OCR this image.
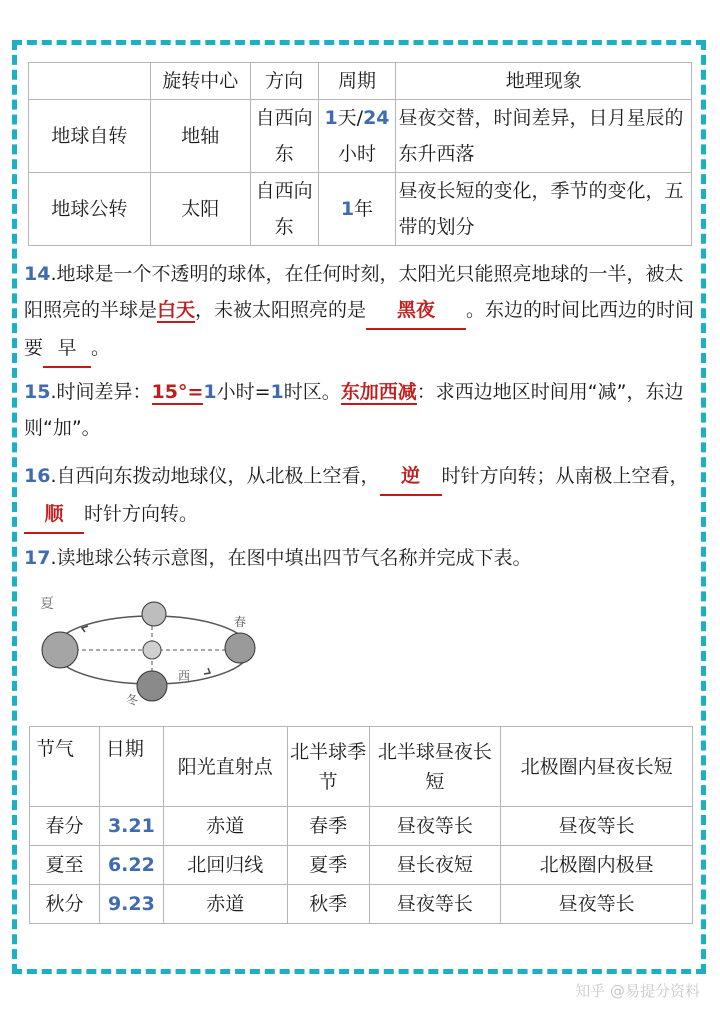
	旋转中心	方向	周期	地理现象
地球自转	地轴	自西向东	1天/24小时	昼夜交替，时间差异，日月星辰的东升西落
地球公转	太阳	自西向东	1年	昼夜长短的变化，季节的变化，五带的划分
14.地球是一个不透明的球体，在任何时刻，太阳光只能照亮地球的一半，被太阳照亮的半球是白天，未被太阳照亮的是 黑夜 。东边的时间比西边的时间要 早 。
15.时间差异：15°=1小时=1时区。东加西减：求西边地区时间用“减”，东边则“加”。
16.自西向东拨动地球仪，从北极上空看， 逆 时针方向转；从南极上空看，顺 时针方向转。
17.读地球公转示意图，在图中填出四节气名称并完成下表。
夏
春
西
冬
节气	日期	阳光直射点	北半球季节	北半球昼夜长短	北极圈内昼夜长短
春分	3.21	赤道	春季	昼夜等长	昼夜等长
夏至	6.22	北回归线	夏季	昼长夜短	北极圈内极昼
秋分	9.23	赤道	秋季	昼夜等长	昼夜等长
知乎 @易提分资料
